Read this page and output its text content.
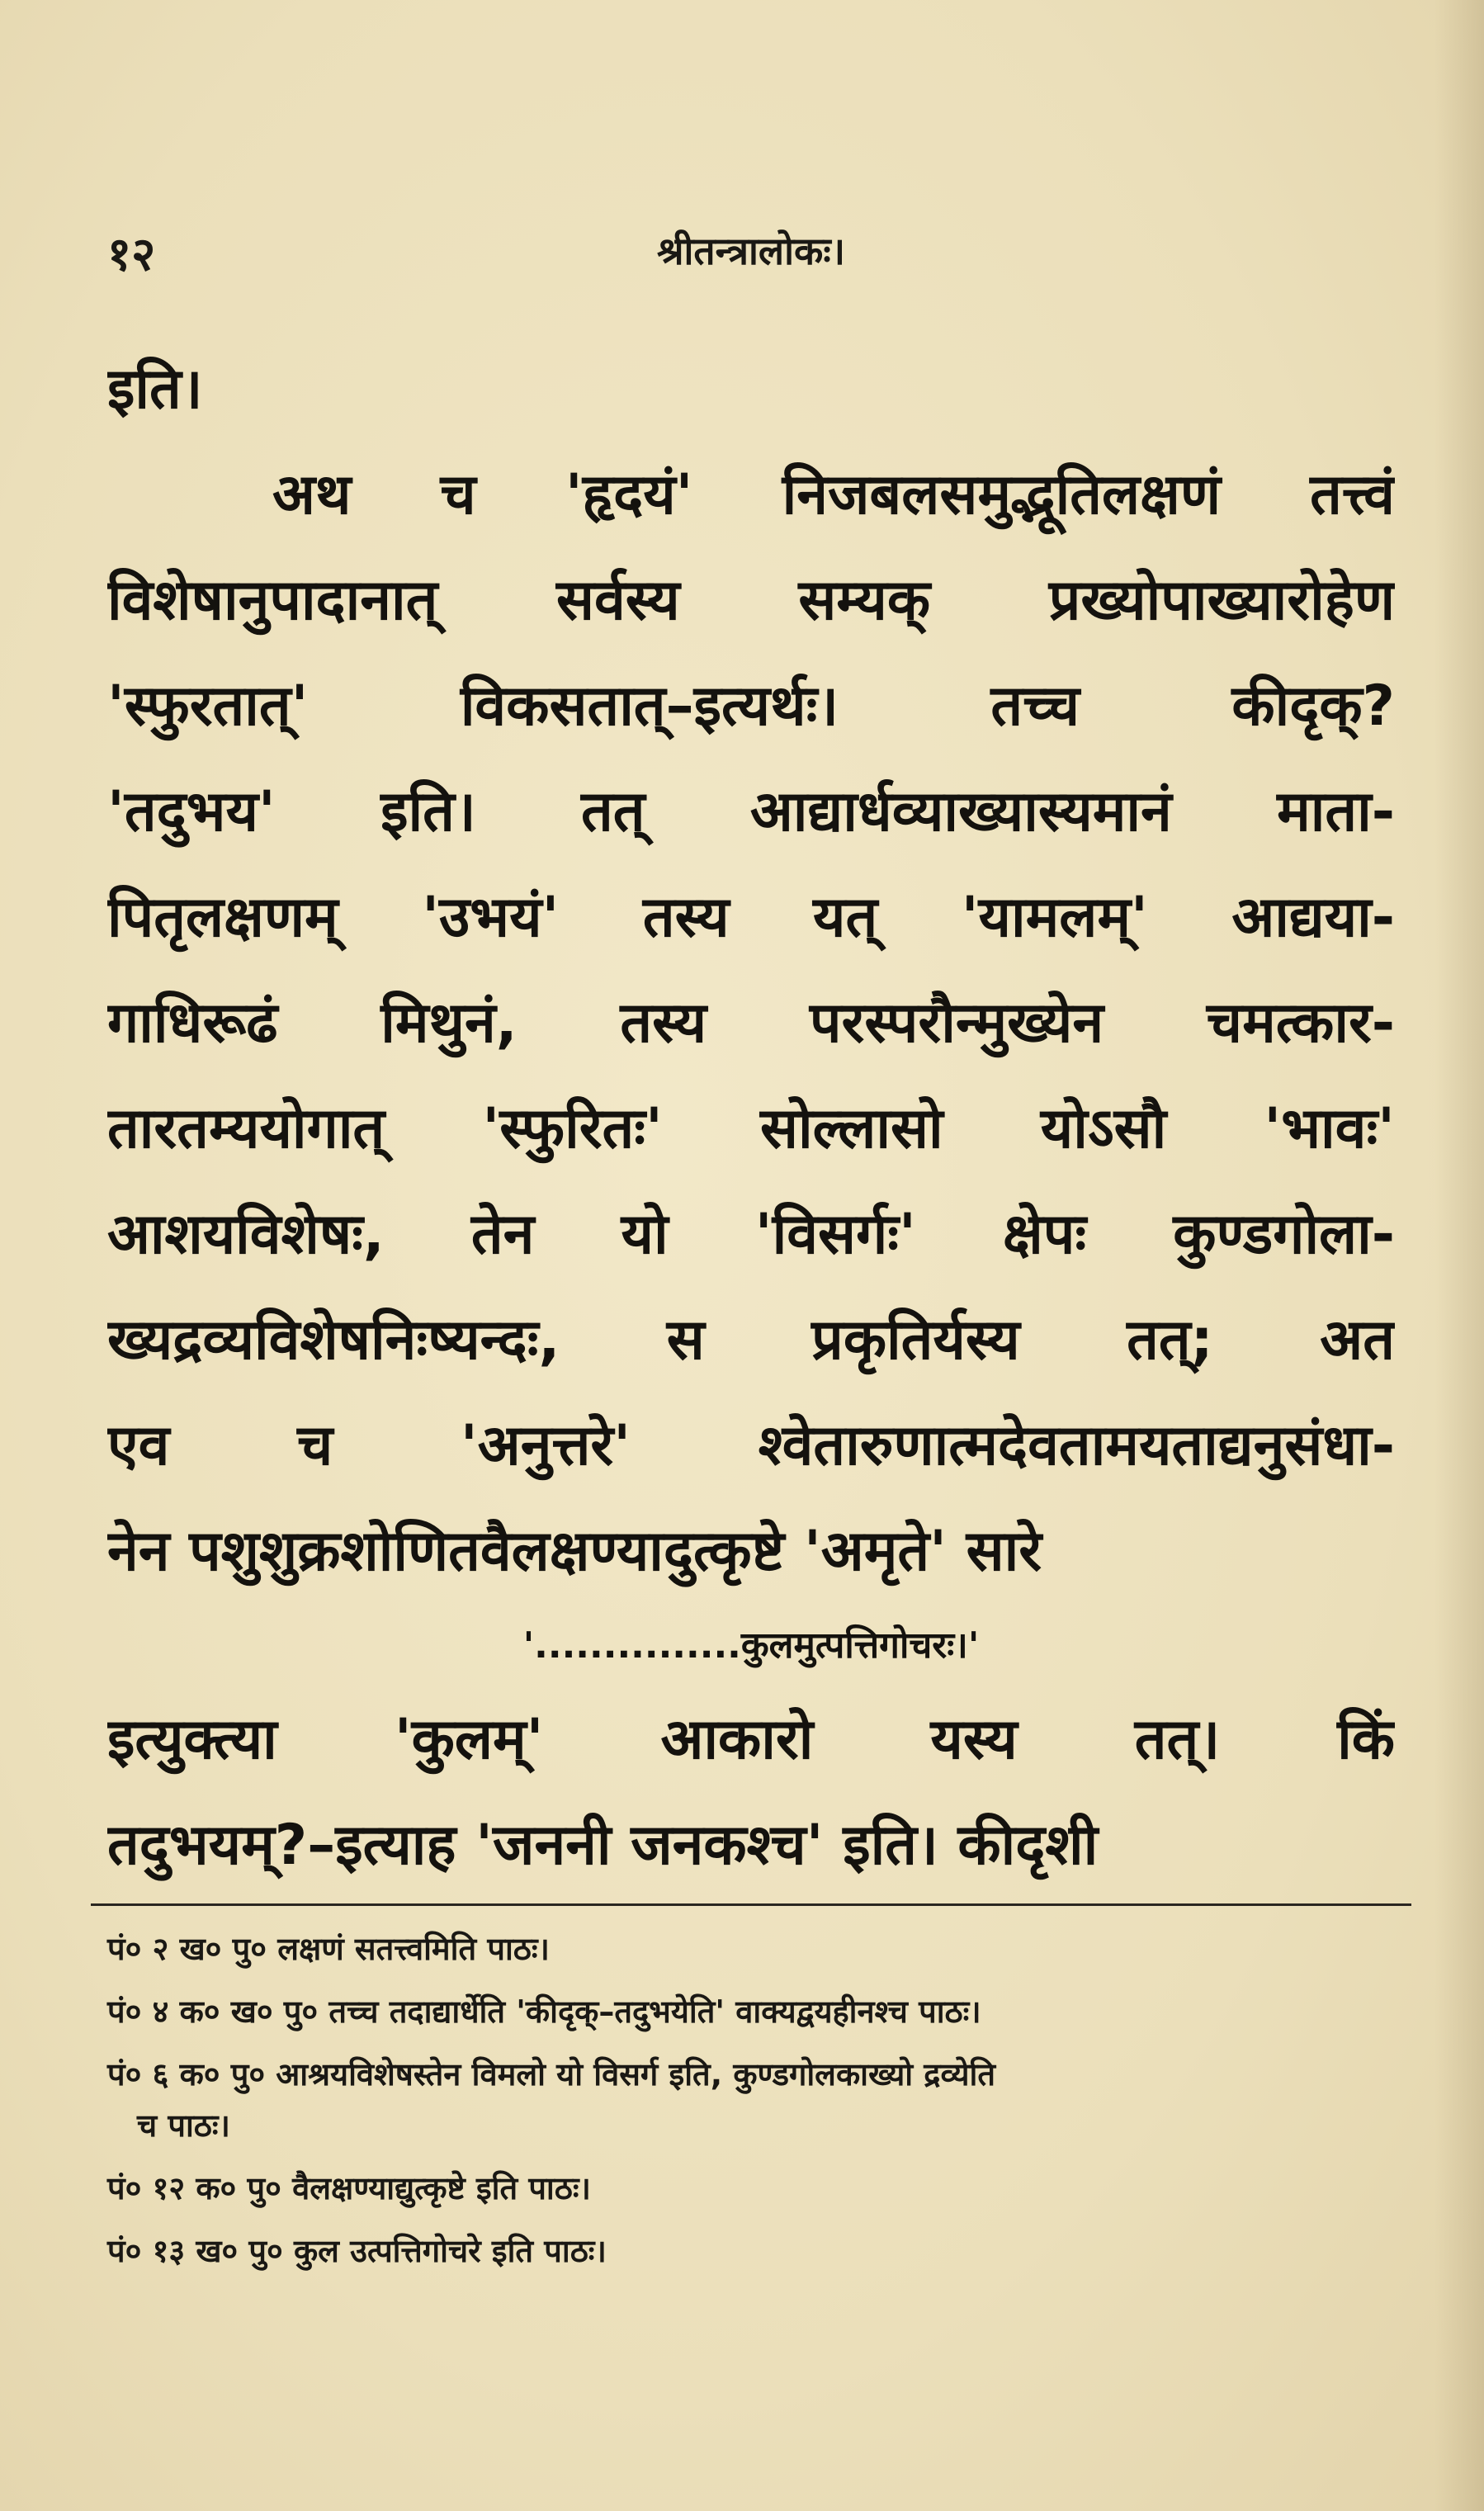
१२	श्रीतन्त्रालोकः।
इति।
अथ च 'हृदयं' निजबलसमुद्भूतिलक्षणं तत्त्वं
विशेषानुपादानात् सर्वस्य सम्यक् प्रख्योपाख्यारोहेण
'स्फुरतात्' विकसतात्–इत्यर्थः। तच्च कीदृक्?
'तदुभय' इति। तत् आद्यार्धव्याख्यास्यमानं माता-
पितृलक्षणम् 'उभयं' तस्य यत् 'यामलम्' आद्यया-
गाधिरूढं मिथुनं, तस्य परस्परौन्मुख्येन चमत्कार-
तारतम्ययोगात् 'स्फुरितः' सोल्लासो योऽसौ 'भावः'
आशयविशेषः, तेन यो 'विसर्गः' क्षेपः कुण्डगोला-
ख्यद्रव्यविशेषनिःष्यन्दः, स प्रकृतिर्यस्य तत्; अत
एव च 'अनुत्तरे' श्वेतारुणात्मदेवतामयताद्यनुसंधा-
नेन पशुशुक्रशोणितवैलक्षण्यादुत्कृष्टे 'अमृते' सारे
'...............कुलमुत्पत्तिगोचरः।'
इत्युक्त्या 'कुलम्' आकारो यस्य तत्। किं
तदुभयम्?–इत्याह 'जननी जनकश्च' इति। कीदृशी
पं० २ ख० पु० लक्षणं सतत्त्वमिति पाठः।
पं० ४ क० ख० पु० तच्च तदाद्यार्धेति 'कीदृक्–तदुभयेति' वाक्यद्वयहीनश्च पाठः।
पं० ६ क० पु० आश्रयविशेषस्तेन विमलो यो विसर्ग इति, कुण्डगोलकाख्यो द्रव्येति
च पाठः।
पं० १२ क० पु० वैलक्षण्याद्युत्कृष्टे इति पाठः।
पं० १३ ख० पु० कुल उत्पत्तिगोचरे इति पाठः।
